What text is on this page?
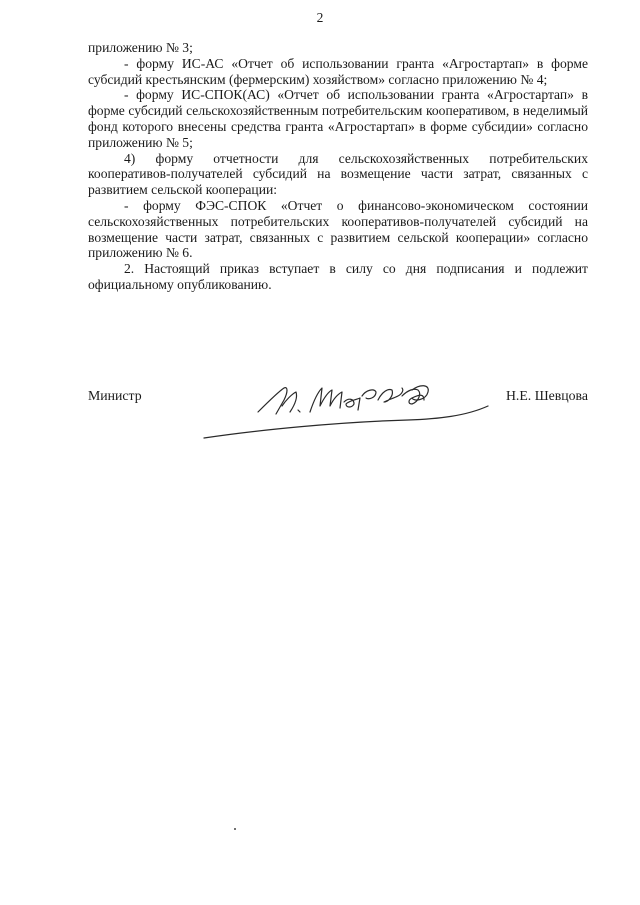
2

приложению № 3;

- форму ИС-АС «Отчет об использовании гранта «Агростартап» в форме субсидий крестьянским (фермерским) хозяйством» согласно приложению № 4;

- форму ИС-СПОК(АС) «Отчет об использовании гранта «Агростартап» в форме субсидий сельскохозяйственным потребительским кооперативом, в неделимый фонд которого внесены средства гранта «Агростартап» в форме субсидии» согласно приложению № 5;

4) форму отчетности для сельскохозяйственных потребительских кооперативов-получателей субсидий на возмещение части затрат, связанных с развитием сельской кооперации:

- форму ФЭС-СПОК «Отчет о финансово-экономическом состоянии сельскохозяйственных потребительских кооперативов-получателей субсидий на возмещение части затрат, связанных с развитием сельской кооперации» согласно приложению № 6.

2. Настоящий приказ вступает в силу со дня подписания и подлежит официальному опубликованию.

Министр	Н.Е. Шевцова
